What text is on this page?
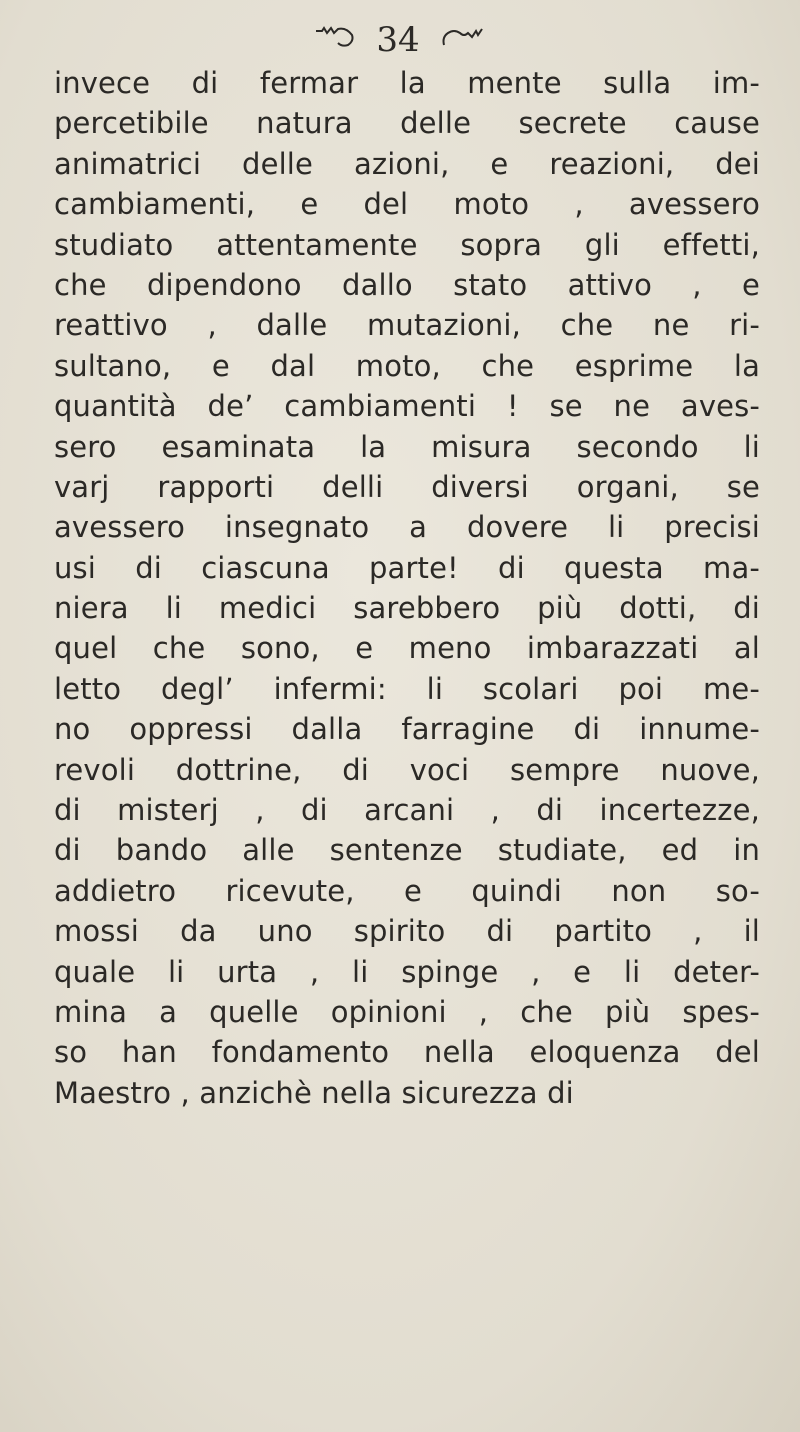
34
invece di fermar la mente sulla im-
percetibile natura delle secrete cause
animatrici delle azioni, e reazioni, dei
cambiamenti, e del moto , avessero
studiato attentamente sopra gli effetti,
che dipendono dallo stato attivo , e
reattivo , dalle mutazioni, che ne ri-
sultano, e dal moto, che esprime la
quantità de’ cambiamenti ! se ne aves-
sero esaminata la misura secondo li
varj rapporti delli diversi organi, se
avessero insegnato a dovere li precisi
usi di ciascuna parte! di questa ma-
niera li medici sarebbero più dotti, di
quel che sono, e meno imbarazzati al
letto degl’ infermi: li scolari poi me-
no oppressi dalla farragine di innume-
revoli dottrine, di voci sempre nuove,
di misterj , di arcani , di incertezze,
di bando alle sentenze studiate, ed in
addietro ricevute, e quindi non so-
mossi da uno spirito di partito , il
quale li urta , li spinge , e li deter-
mina a quelle opinioni , che più spes-
so han fondamento nella eloquenza del
Maestro , anzichè nella sicurezza di
